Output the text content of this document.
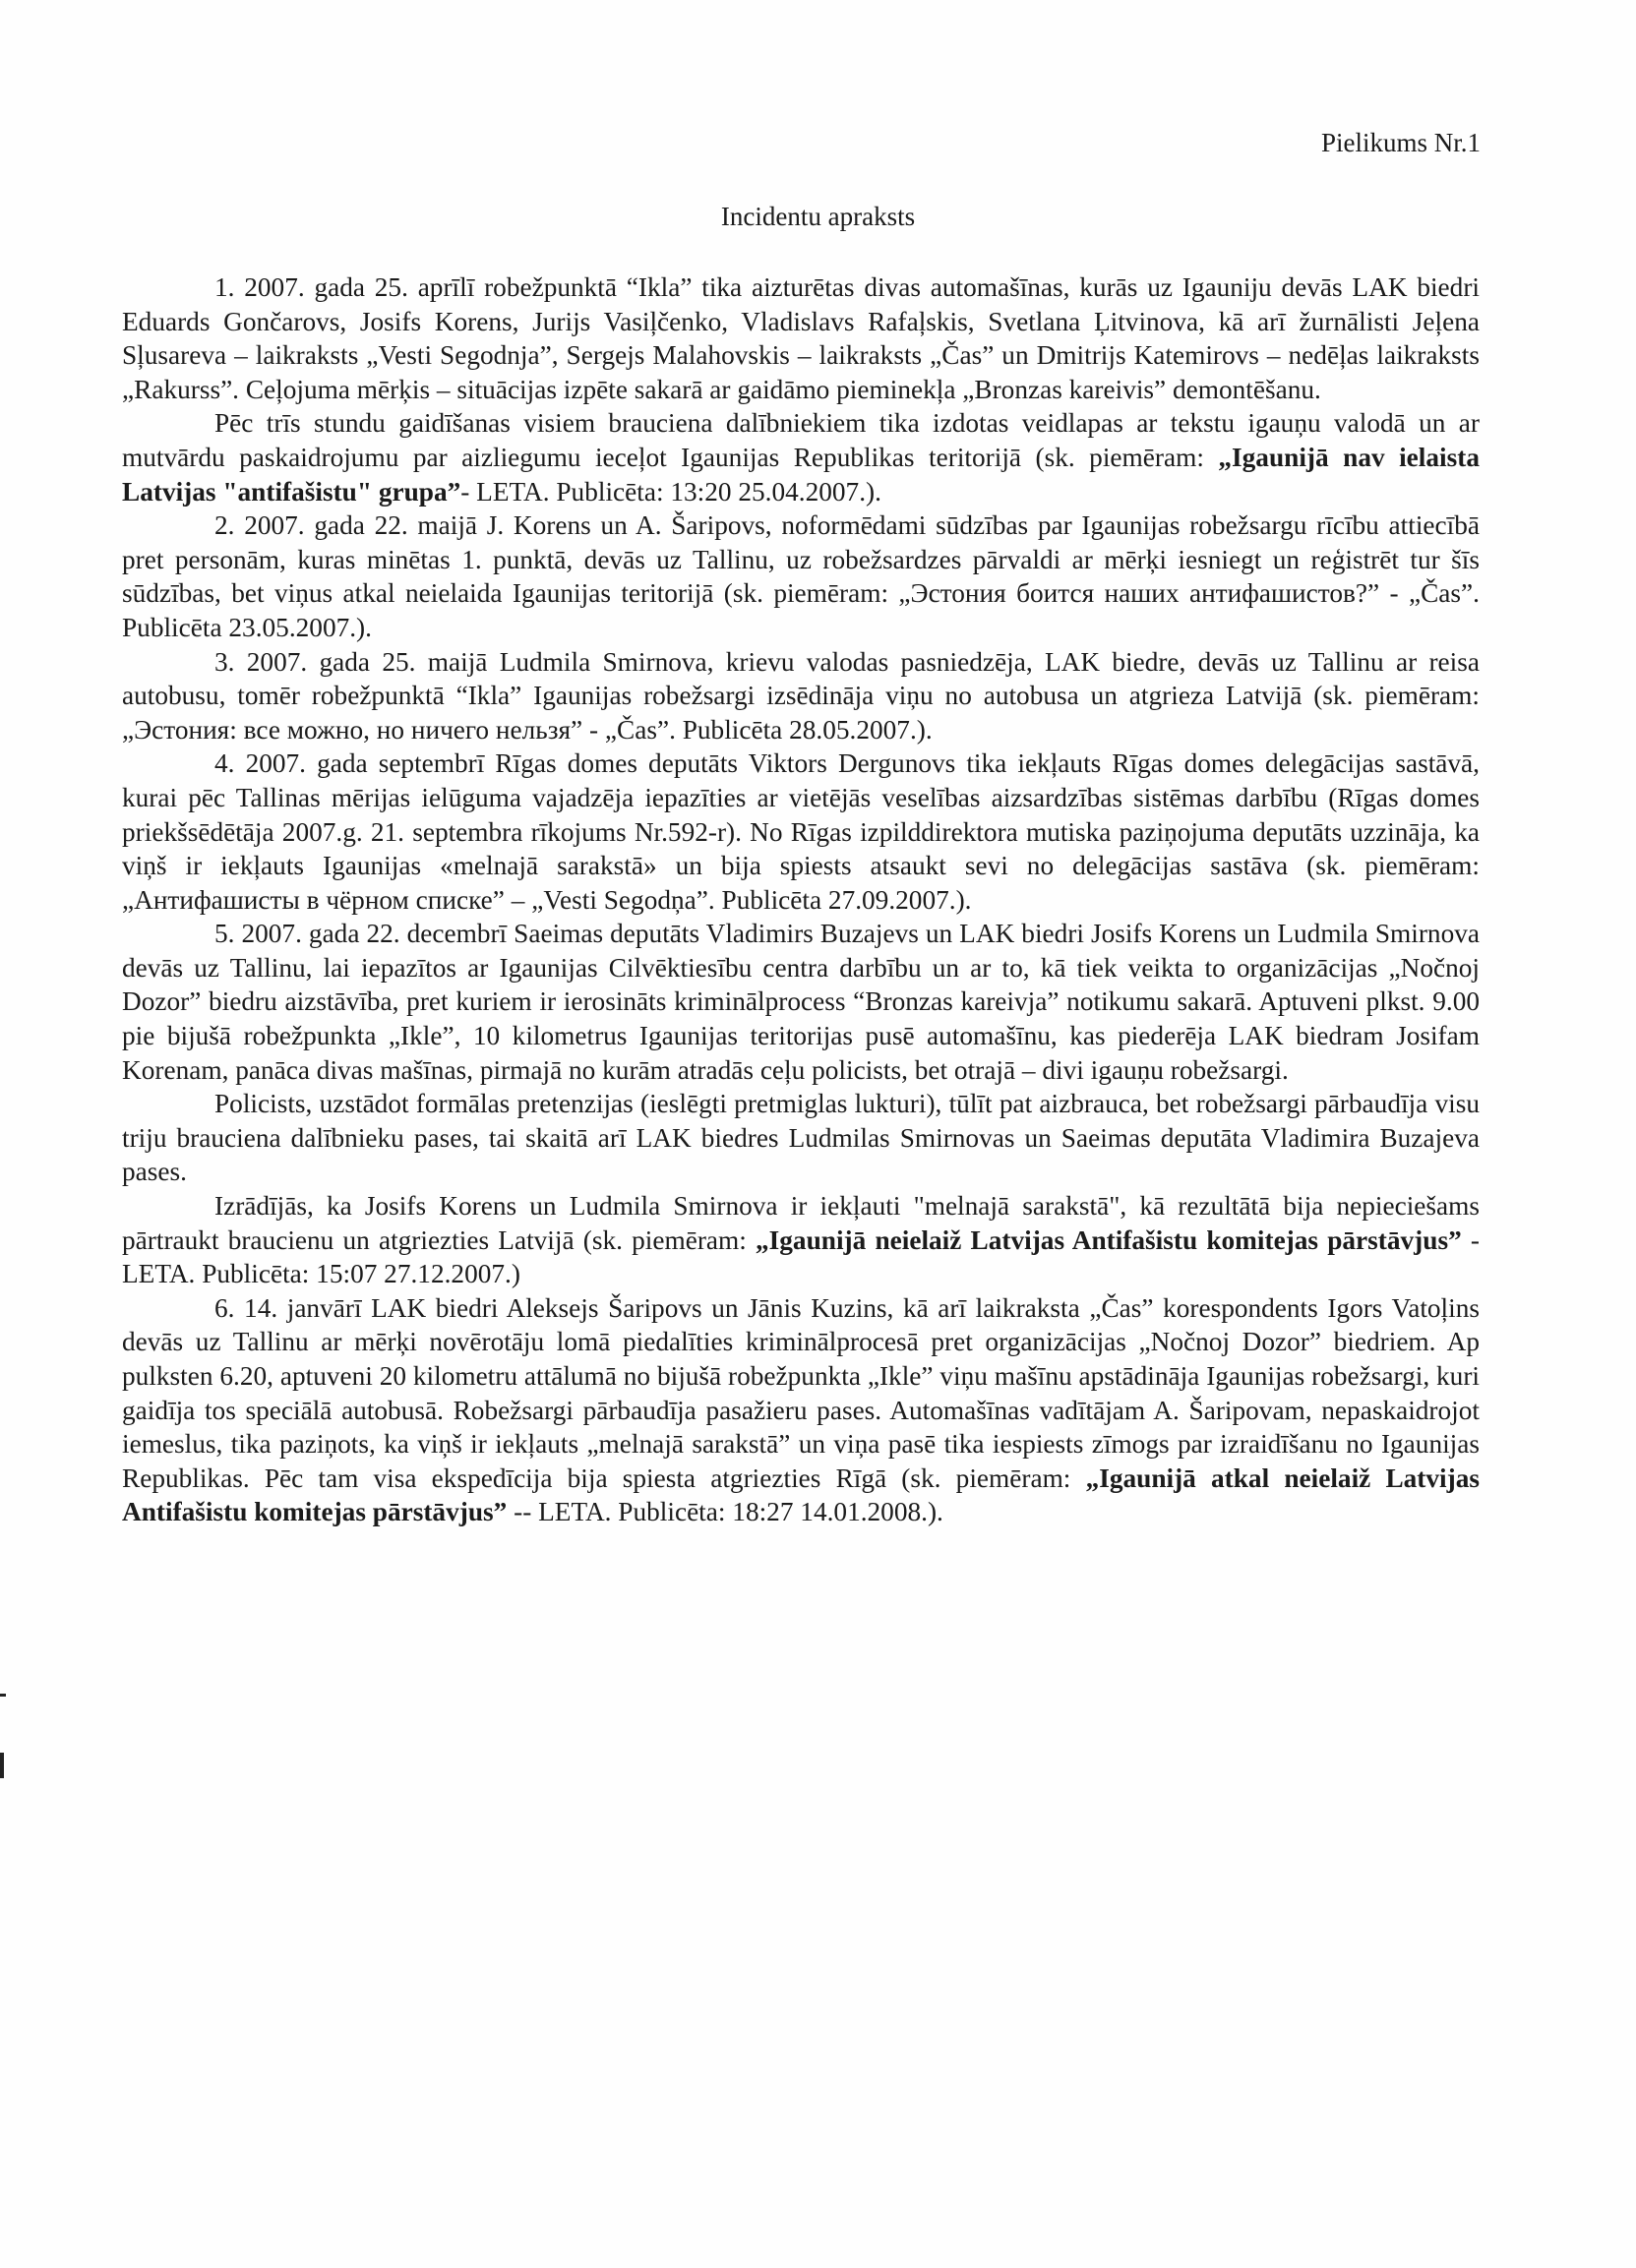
Pielikums Nr.1
Incidentu apraksts

1. 2007. gada 25. aprīlī robežpunktā “Ikla” tika aizturētas divas automašīnas, kurās uz Igauniju devās LAK biedri Eduards Gončarovs, Josifs Korens, Jurijs Vasiļčenko, Vladislavs Rafaļskis, Svetlana Ļitvinova, kā arī žurnālisti Jeļena Sļusareva – laikraksts „Vesti Segodnja”, Sergejs Malahovskis – laikraksts „Čas” un Dmitrijs Katemirovs – nedēļas laikraksts „Rakurss”. Ceļojuma mērķis – situācijas izpēte sakarā ar gaidāmo pieminekļa „Bronzas kareivis” demontēšanu.

Pēc trīs stundu gaidīšanas visiem brauciena dalībniekiem tika izdotas veidlapas ar tekstu igauņu valodā un ar mutvārdu paskaidrojumu par aizliegumu ieceļot Igaunijas Republikas teritorijā (sk. piemēram: „Igaunijā nav ielaista Latvijas "antifašistu" grupa”- LETA. Publicēta: 13:20 25.04.2007.).

2. 2007. gada 22. maijā J. Korens un A. Šaripovs, noformēdami sūdzības par Igaunijas robežsargu rīcību attiecībā pret personām, kuras minētas 1. punktā, devās uz Tallinu, uz robežsardzes pārvaldi ar mērķi iesniegt un reģistrēt tur šīs sūdzības, bet viņus atkal neielaida Igaunijas teritorijā (sk. piemēram: „Эстония боится наших антифашистов?” - „Čas”. Publicēta 23.05.2007.).

3. 2007. gada 25. maijā Ludmila Smirnova, krievu valodas pasniedzēja, LAK biedre, devās uz Tallinu ar reisa autobusu, tomēr robežpunktā “Ikla” Igaunijas robežsargi izsēdināja viņu no autobusa un atgrieza Latvijā (sk. piemēram: „Эстония: все можно, но ничего нельзя” - „Čas”. Publicēta 28.05.2007.).

4. 2007. gada septembrī Rīgas domes deputāts Viktors Dergunovs tika iekļauts Rīgas domes delegācijas sastāvā, kurai pēc Tallinas mērijas ielūguma vajadzēja iepazīties ar vietējās veselības aizsardzības sistēmas darbību (Rīgas domes priekšsēdētāja 2007.g. 21. septembra rīkojums Nr.592-r). No Rīgas izpilddirektora mutiska paziņojuma deputāts uzzināja, ka viņš ir iekļauts Igaunijas «melnajā sarakstā» un bija spiests atsaukt sevi no delegācijas sastāva (sk. piemēram: „Антифашисты в чёрном списке” – „Vesti Segodņa”. Publicēta 27.09.2007.).

5. 2007. gada 22. decembrī Saeimas deputāts Vladimirs Buzajevs un LAK biedri Josifs Korens un Ludmila Smirnova devās uz Tallinu, lai iepazītos ar Igaunijas Cilvēktiesību centra darbību un ar to, kā tiek veikta to organizācijas „Nočnoj Dozor” biedru aizstāvība, pret kuriem ir ierosināts kriminālprocess “Bronzas kareivja” notikumu sakarā. Aptuveni plkst. 9.00 pie bijušā robežpunkta „Ikle”, 10 kilometrus Igaunijas teritorijas pusē automašīnu, kas piederēja LAK biedram Josifam Korenam, panāca divas mašīnas, pirmajā no kurām atradās ceļu policists, bet otrajā – divi igauņu robežsargi.

Policists, uzstādot formālas pretenzijas (ieslēgti pretmiglas lukturi), tūlīt pat aizbrauca, bet robežsargi pārbaudīja visu triju brauciena dalībnieku pases, tai skaitā arī LAK biedres Ludmilas Smirnovas un Saeimas deputāta Vladimira Buzajeva pases.

Izrādījās, ka Josifs Korens un Ludmila Smirnova ir iekļauti "melnajā sarakstā", kā rezultātā bija nepieciešams pārtraukt braucienu un atgriezties Latvijā (sk. piemēram: „Igaunijā neielaiž Latvijas Antifašistu komitejas pārstāvjus” - LETA. Publicēta: 15:07 27.12.2007.)

6. 14. janvārī LAK biedri Aleksejs Šaripovs un Jānis Kuzins, kā arī laikraksta „Čas” korespondents Igors Vatoļins devās uz Tallinu ar mērķi novērotāju lomā piedalīties kriminālprocesā pret organizācijas „Nočnoj Dozor” biedriem. Ap pulksten 6.20, aptuveni 20 kilometru attālumā no bijušā robežpunkta „Ikle” viņu mašīnu apstādināja Igaunijas robežsargi, kuri gaidīja tos speciālā autobusā. Robežsargi pārbaudīja pasažieru pases. Automašīnas vadītājam A. Šaripovam, nepaskaidrojot iemeslus, tika paziņots, ka viņš ir iekļauts „melnajā sarakstā” un viņa pasē tika iespiests zīmogs par izraidīšanu no Igaunijas Republikas. Pēc tam visa ekspedīcija bija spiesta atgriezties Rīgā (sk. piemēram: „Igaunijā atkal neielaiž Latvijas Antifašistu komitejas pārstāvjus” -- LETA. Publicēta: 18:27 14.01.2008.).
